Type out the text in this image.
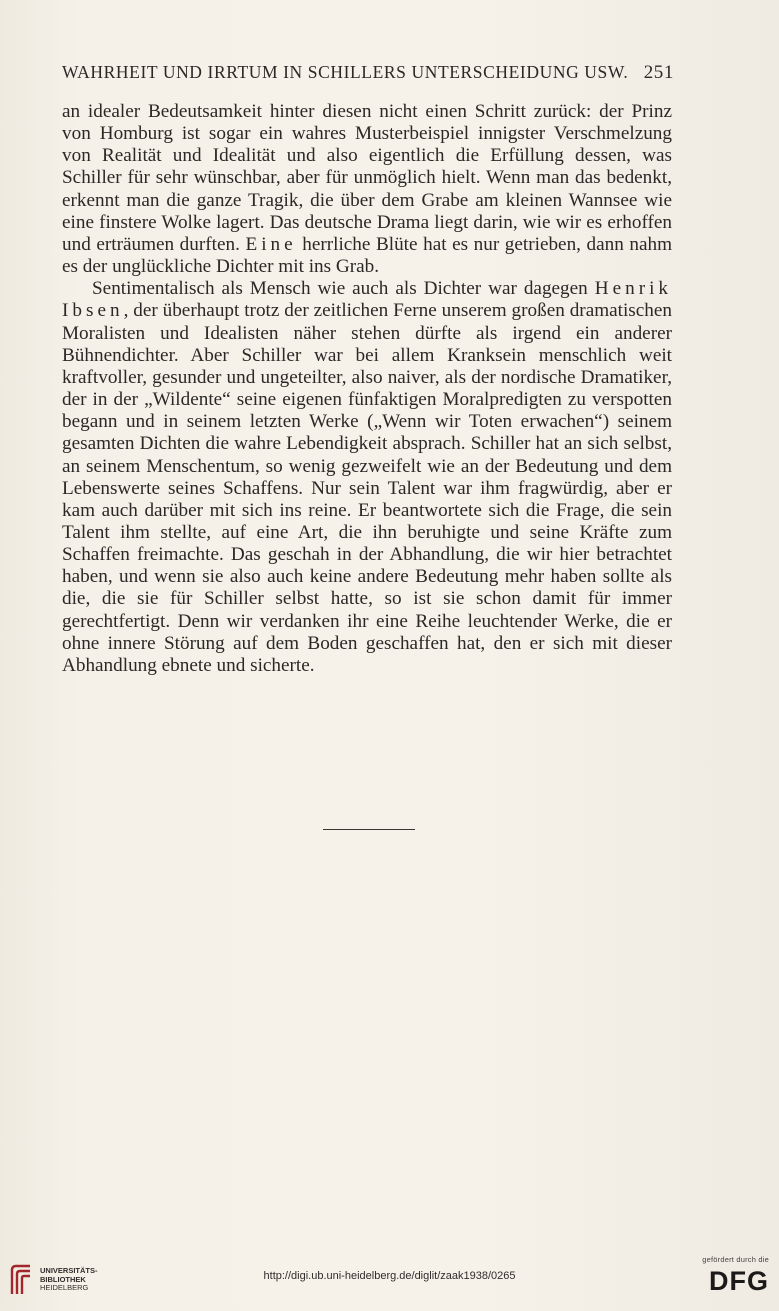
WAHRHEIT UND IRRTUM IN SCHILLERS UNTERSCHEIDUNG USW. 251

an idealer Bedeutsamkeit hinter diesen nicht einen Schritt zurück: der Prinz von Homburg ist sogar ein wahres Musterbeispiel innigster Verschmelzung von Realität und Idealität und also eigentlich die Erfüllung dessen, was Schiller für sehr wünschbar, aber für unmöglich hielt. Wenn man das bedenkt, erkennt man die ganze Tragik, die über dem Grabe am kleinen Wannsee wie eine finstere Wolke lagert. Das deutsche Drama liegt darin, wie wir es erhoffen und erträumen durften. Eine herrliche Blüte hat es nur getrieben, dann nahm es der unglückliche Dichter mit ins Grab.

Sentimentalisch als Mensch wie auch als Dichter war dagegen Henrik Ibsen, der überhaupt trotz der zeitlichen Ferne unserem großen dramatischen Moralisten und Idealisten näher stehen dürfte als irgend ein anderer Bühnendichter. Aber Schiller war bei allem Kranksein menschlich weit kraftvoller, gesunder und ungeteilter, also naiver, als der nordische Dramatiker, der in der „Wildente“ seine eigenen fünfaktigen Moralpredigten zu verspotten begann und in seinem letzten Werke („Wenn wir Toten erwachen“) seinem gesamten Dichten die wahre Lebendigkeit absprach. Schiller hat an sich selbst, an seinem Menschentum, so wenig gezweifelt wie an der Bedeutung und dem Lebenswerte seines Schaffens. Nur sein Talent war ihm fragwürdig, aber er kam auch darüber mit sich ins reine. Er beantwortete sich die Frage, die sein Talent ihm stellte, auf eine Art, die ihn beruhigte und seine Kräfte zum Schaffen freimachte. Das geschah in der Abhandlung, die wir hier betrachtet haben, und wenn sie also auch keine andere Bedeutung mehr haben sollte als die, die sie für Schiller selbst hatte, so ist sie schon damit für immer gerechtfertigt. Denn wir verdanken ihr eine Reihe leuchtender Werke, die er ohne innere Störung auf dem Boden geschaffen hat, den er sich mit dieser Abhandlung ebnete und sicherte.

UNIVERSITÄTS-
BIBLIOTHEK
HEIDELBERG
http://digi.ub.uni-heidelberg.de/diglit/zaak1938/0265
gefördert durch die
DFG
